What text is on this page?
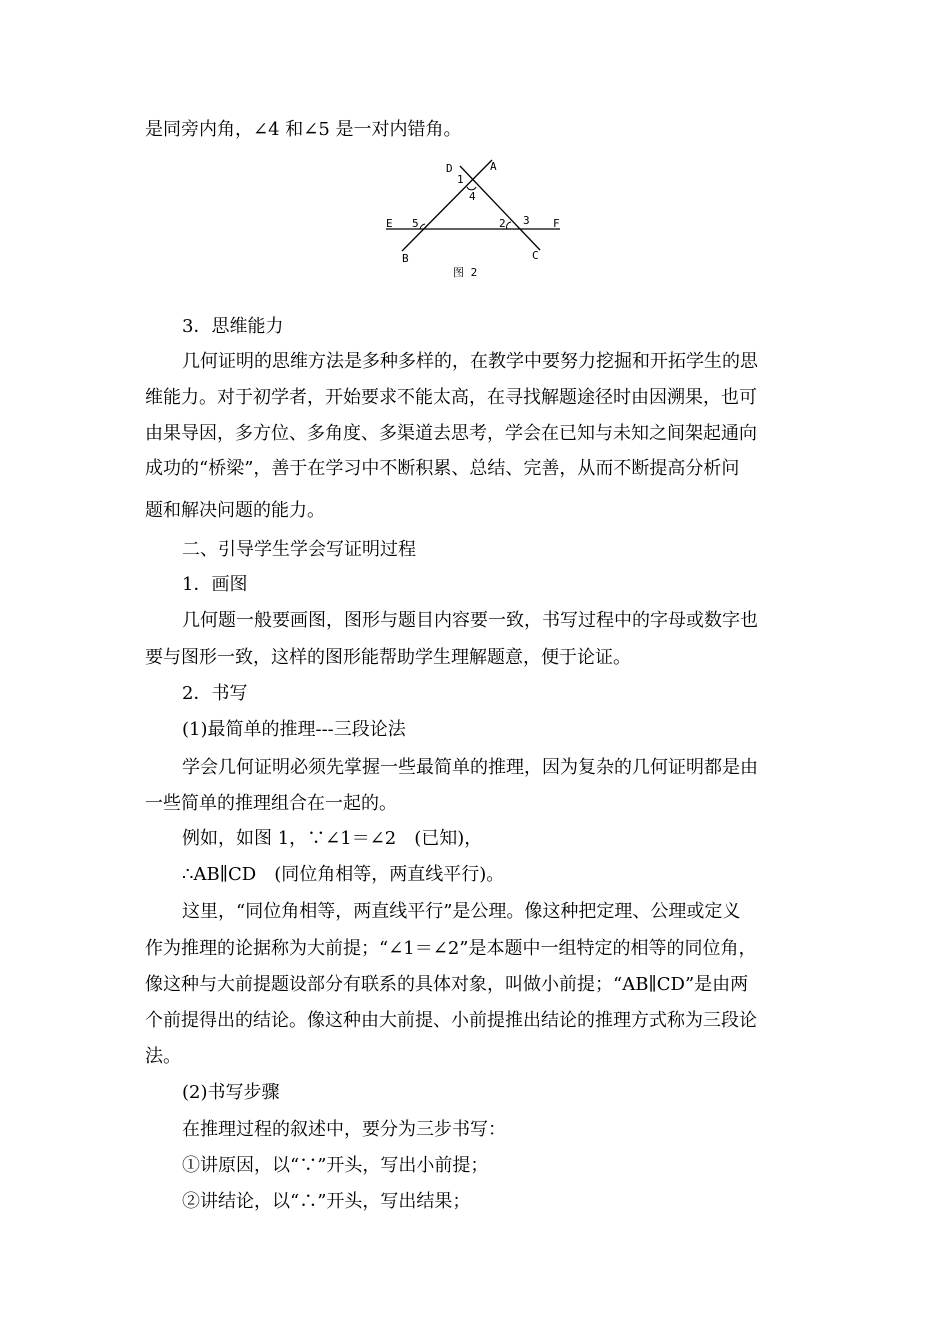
是同旁内角，∠4 和∠5 是一对内错角。
D	A
E	F
B	C
1
4
2 3
5
图 2
3．思维能力
几何证明的思维方法是多种多样的，在教学中要努力挖掘和开拓学生的思
维能力。对于初学者，开始要求不能太高，在寻找解题途径时由因溯果，也可
由果导因，多方位、多角度、多渠道去思考，学会在已知与未知之间架起通向
成功的“桥梁”，善于在学习中不断积累、总结、完善，从而不断提高分析问
题和解决问题的能力。
二、引导学生学会写证明过程
1．画图
几何题一般要画图，图形与题目内容要一致，书写过程中的字母或数字也
要与图形一致，这样的图形能帮助学生理解题意，便于论证。
2．书写
(1)最简单的推理---三段论法
学会几何证明必须先掌握一些最简单的推理，因为复杂的几何证明都是由
一些简单的推理组合在一起的。
例如，如图 1，∵∠1＝∠2　(已知)，
∴AB∥CD　(同位角相等，两直线平行)。
这里，“同位角相等，两直线平行”是公理。像这种把定理、公理或定义
作为推理的论据称为大前提；“∠1＝∠2”是本题中一组特定的相等的同位角，
像这种与大前提题设部分有联系的具体对象，叫做小前提；“AB∥CD”是由两
个前提得出的结论。像这种由大前提、小前提推出结论的推理方式称为三段论
法。
(2)书写步骤
在推理过程的叙述中，要分为三步书写：
①讲原因，以“∵”开头，写出小前提；
②讲结论，以“∴”开头，写出结果；
